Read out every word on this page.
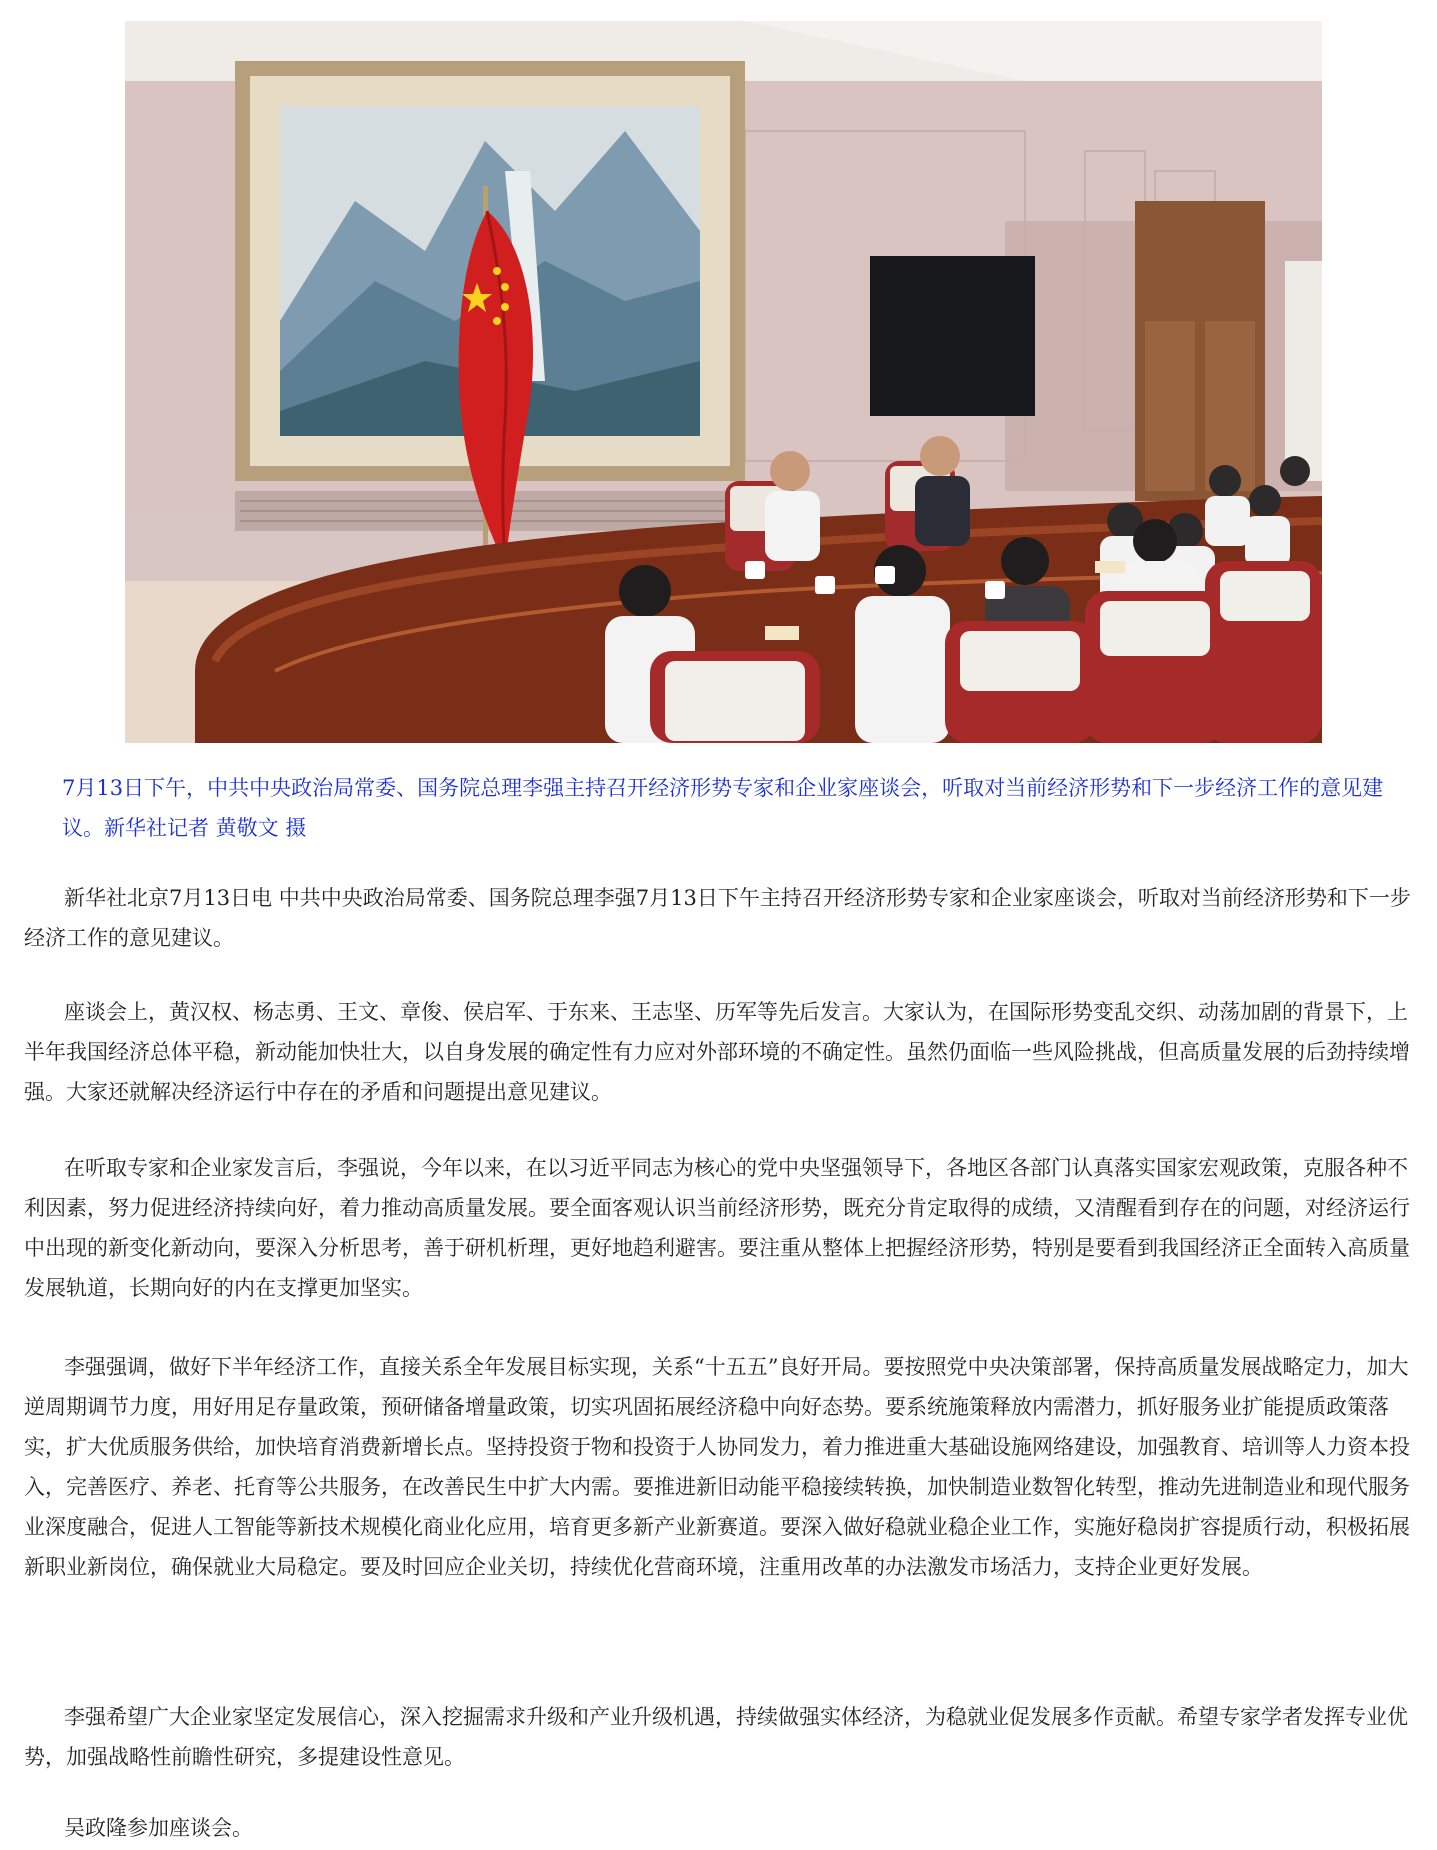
7月13日下午，中共中央政治局常委、国务院总理李强主持召开经济形势专家和企业家座谈会，听取对当前经济形势和下一步经济工作的意见建议。新华社记者 黄敬文 摄

新华社北京7月13日电 中共中央政治局常委、国务院总理李强7月13日下午主持召开经济形势专家和企业家座谈会，听取对当前经济形势和下一步经济工作的意见建议。

座谈会上，黄汉权、杨志勇、王文、章俊、侯启军、于东来、王志坚、历军等先后发言。大家认为，在国际形势变乱交织、动荡加剧的背景下，上半年我国经济总体平稳，新动能加快壮大，以自身发展的确定性有力应对外部环境的不确定性。虽然仍面临一些风险挑战，但高质量发展的后劲持续增强。大家还就解决经济运行中存在的矛盾和问题提出意见建议。

在听取专家和企业家发言后，李强说，今年以来，在以习近平同志为核心的党中央坚强领导下，各地区各部门认真落实国家宏观政策，克服各种不利因素，努力促进经济持续向好，着力推动高质量发展。要全面客观认识当前经济形势，既充分肯定取得的成绩，又清醒看到存在的问题，对经济运行中出现的新变化新动向，要深入分析思考，善于研机析理，更好地趋利避害。要注重从整体上把握经济形势，特别是要看到我国经济正全面转入高质量发展轨道，长期向好的内在支撑更加坚实。

李强强调，做好下半年经济工作，直接关系全年发展目标实现，关系“十五五”良好开局。要按照党中央决策部署，保持高质量发展战略定力，加大逆周期调节力度，用好用足存量政策，预研储备增量政策，切实巩固拓展经济稳中向好态势。要系统施策释放内需潜力，抓好服务业扩能提质政策落实，扩大优质服务供给，加快培育消费新增长点。坚持投资于物和投资于人协同发力，着力推进重大基础设施网络建设，加强教育、培训等人力资本投入，完善医疗、养老、托育等公共服务，在改善民生中扩大内需。要推进新旧动能平稳接续转换，加快制造业数智化转型，推动先进制造业和现代服务业深度融合，促进人工智能等新技术规模化商业化应用，培育更多新产业新赛道。要深入做好稳就业稳企业工作，实施好稳岗扩容提质行动，积极拓展新职业新岗位，确保就业大局稳定。要及时回应企业关切，持续优化营商环境，注重用改革的办法激发市场活力，支持企业更好发展。

李强希望广大企业家坚定发展信心，深入挖掘需求升级和产业升级机遇，持续做强实体经济，为稳就业促发展多作贡献。希望专家学者发挥专业优势，加强战略性前瞻性研究，多提建设性意见。

吴政隆参加座谈会。
